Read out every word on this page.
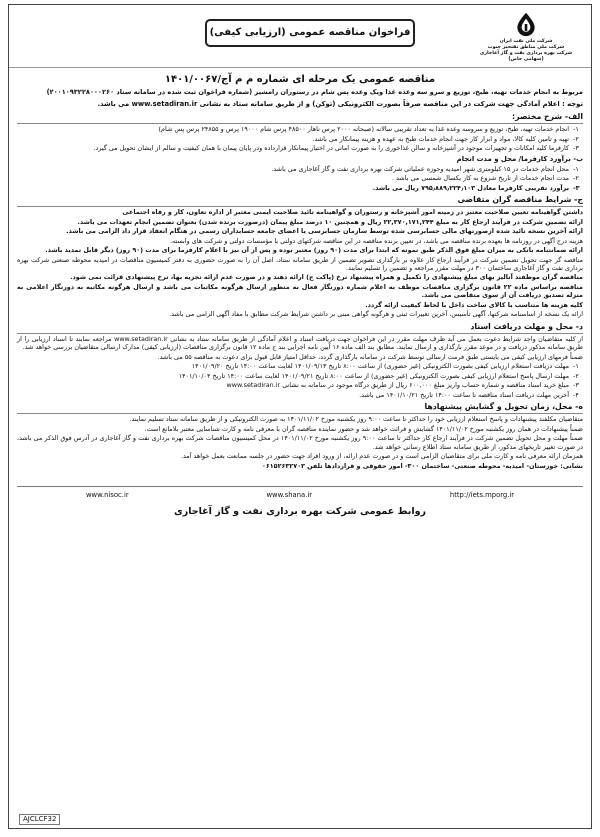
شرکت ملی نفت ایران
شرکت ملی مناطق نفتخیز جنوب
شرکت بهره برداری نفت و گاز آغاجاری (سهامی خاص)
فراخوان مناقصه عمومی (ارزیابی کیفی)
مناقصه عمومی یک مرحله ای شماره م م آج/۱۴۰۱/۰۰۶۷
مربوط به انجام خدمات تهیه، طبخ، توزیع و سرو سه وعده غذا ویک وعده پس شام در رستوران رامشیر (شماره فراخوان ثبت شده در سامانه ستاد ۲۰۰۱۰۹۳۲۲۸۰۰۰۲۶۰)
توجه : اعلام آمادگی جهت شرکت در این مناقصه صرفاً بصورت الکترونیکی (توکن) و از طریق سامانه ستاد به نشانی www.setadiran.ir می باشد.
الف- شرح مختصر:
۱-
انجام خدمات تهیه، طبخ، توزیع و سروسه وعده غذا به تعداد تقریبی سالانه (صبحانه ۲۰۰۰ پرس ناهار ۴۸۵۰۰ پرس شام ۱۹۰۰۰ پرس و ۲۴۸۵۵ پرس پس شام)
۲-
تهیه و تامین کلیه کالا، مواد و ابزار کار جهت انجام خدمات طبخ به عهده و هزینه پیمانکار می باشد.
۳-
کارفرما کلیه امکانات و تجهیزات موجود در آشپزخانه و سالن غذاخوری را به صورت امانی در اختیار پیمانکار قرارداده ودر پایان پیمان با همان کیفیت و سالم از ایشان تحویل می گیرد.
ب- برآورد کارفرما/ محل و مدت انجام
۱-
محل انجام خدمات در ۱۵ کیلومتری شهر امیدیه وحوزه عملیاتی شرکت بهره برداری نفت و گاز آغاجاری می باشد.
۲-
مدت انجام خدمات از تاریخ شروع به کار یکسال شمسی می باشد .
۳-
برآورد تقریبی کارفرما معادل ۷۹۵٫۸۸۹٫۲۲۴٫۱۰۳ ریال می باشد.
ج- شرایط مناقصه گران متقاضی
داشتن گواهینامه تعیین صلاحیت معتبر در زمینه امور آشپزخانه و رستوران و گواهینامه تائید صلاحیت ایمنی معتبر از اداره تعاون، کار و رفاه اجتماعی
ارائه تضمین شرکت در فرآیند ارجاع کار به مبلغ ۲۲,۳۷۰,۱۷۱,۲۴۴ ریال و همچنین ۱۰ درصد مبلغ پیمان (درصورت برنده شدن) بعنوان تضمین انجام تعهدات می باشد.
ارائه آخرین نسخه تائید شده ازصورتهای مالی حسابرسی شده توسط سازمان حسابرسی یا اعضای جامعه حسابداران رسمی در هنگام انعقاد قرار داد الزامی می باشد.
هزینه درج آگهی در روزنامه ها بعهده برنده مناقصه می باشد، در تعیین برنده مناقصه در این مناقصه شرکتهای دولتی یا مؤسسات دولتی و شرکت های وابسته.
ارائه ضمانتنامه بانکی به میزان مبلغ فوق الذکر طبق نمونه که ابتدا برای مدت (۹۰ روز) معتبر بوده و پس از آن نیز با اعلام کارفرما برای مدت (۹۰ روز) دیگر قابل تمدید باشد.
مناقصه گر جهت تحویل تضمین شرکت در فرآیند ارجاع کار علاوه بر بارگذاری تصویر تضمین از طریق سامانه ستاد، اصل آن را به صورت حضوری به دفتر کمیسیون مناقصات در امیدیه محوطه صنعتی شرکت بهره برداری نفت و گاز آغاجاری ساختمان ۳۰۰ در مهلت مقرر مراجعه و تضمین را تسلیم نمایند.
مناقصه گران موظفند آنالیز بهای مبلغ پیشنهادی را تکمیل و همراه پیشنهاد نرخ (پاکت ج) ارائه دهند و در صورت عدم ارائه تجزیه بها، نرخ پیشنهادی قرائت نمی شود.
مناقصه براساس ماده ۲۲ قانون برگزاری مناقصات موظف به اعلام شماره دورنگار فعال به منظور ارسال هرگونه مکاتبات می باشد و ارسال هرگونه مکاتبه به دورنگار اعلامی به منزله تصدیق دریافت آن از سوی متقاضی می باشد.
کلیه هزینه ها متناسب با کالای ساخت داخل با لحاظ کیفیت ارائه گردد.
ارائه یک نسخه از اساسنامه شرکتها، آگهی تأسیس، آخرین تغییرات ثبتی و هرگونه گواهی مبنی بر داشتن شرایط شرکت مطابق با مفاد آگهی الزامی می باشد.
د- محل و مهلت دریافت اسناد
از کلیه متقاضیان واجد شرایط دعوت بعمل می آید ظرف مهلت مقرر در این فراخوان جهت دریافت اسناد و اعلام آمادگی از طریق سامانه ستاد به نشانی www.setadiran.ir مراجعه نمایند تا اسناد ارزیابی را از طریق سامانه مذکور دریافت و در موعد مقرر بارگذاری و ارسال نمایند. مطابق بند الف ماده ۱۶ آیین نامه اجرایی بند ج ماده ۱۲ قانون برگزاری مناقصات (ارزیابی کیفی) مدارک ارسالی متقاضیان بررسی خواهد شد.
ضمناً فرمهای ارزیابی کیفی می بایستی طبق فرمت ارسالی توسط شرکت در سامانه بارگذاری گردد، حداقل امتیاز قابل قبول برای دعوت به مناقصه ۵۵ می باشد.
۱-
مهلت دریافت استعلام ارزیابی کیفی بصورت الکترونیکی (غیر حضوری) از ساعت ۸:۰۰ تاریخ ۱۴۰۱/۰۹/۱۳ لغایت ساعت ۱۴:۰۰ تاریخ ۱۴۰۱/۰۹/۲۰
۲-
مهلت ارسال پاسخ استعلام ارزیابی کیفی بصورت الکترونیکی (غیر حضوری) از ساعت ۸:۰۰ تاریخ ۱۴۰۱/۰۹/۲۱ لغایت ساعت ۱۴:۰۰ تاریخ ۱۴۰۱/۱۰/۰۴
۳-
مبلغ خرید اسناد مناقصه و شماره حساب واریز مبلغ ۶۰۰,۰۰۰ ریال از طریق درگاه موجود در سامانه به نشانی www.setadiran.ir
۴-
آخرین مهلت دریافت اسناد مناقصه تا ساعت ۱۴:۰۰ تاریخ ۱۴۰۱/۱۰/۲۱ می باشد.
ه- محل، زمان تحویل و گشایش پیشنهادها
متقاضیان مکلفند پیشنهادات و پاسخ استعلام ارزیابی خود را حداکثر تا ساعت ۹:۰۰ روز یکشنبه مورخ ۱۴۰۱/۱۱/۰۲ به صورت الکترونیکی و از طریق سامانه ستاد تسلیم نمایند.
ضمناً پیشنهادات در همان روز یکشنبه مورخ ۱۴۰۱/۱۱/۰۲ گشایش و قرائت خواهد شد و حضور نماینده مناقصه گران با معرفی نامه و کارت شناسایی معتبر بلامانع است.
ضمناً مهلت و محل تحویل تضمین شرکت در فرآیند ارجاع کار حداکثر تا ساعت ۹:۰۰ روز یکشنبه مورخ ۱۴۰۱/۱۱/۰۲ در محل کمیسیون مناقصات شرکت بهره برداری نفت و گاز آغاجاری در آدرس فوق الذکر می باشد، در صورت تغییر تاریخهای مذکور، از طریق سامانه ستاد اطلاع رسانی خواهد شد.
همزمان ارائه معرفی نامه و کارت ملی برای متقاضیان الزامی است و در صورت عدم ارائه، از ورود افراد جهت حضور در جلسه ممانعت بعمل خواهد آمد.
نشانی: خوزستان- امیدیه- محوطه صنعتی- ساختمان ۳۰۰- امور حقوقی و قراردادها تلفن ۰۶۱۵۲۶۳۲۷۰۳
http://iets.mporg.ir
www.shana.ir
www.nisoc.ir
روابط عمومی شرکت بهره برداری نفت و گاز آغاجاری
AJCLCF32
